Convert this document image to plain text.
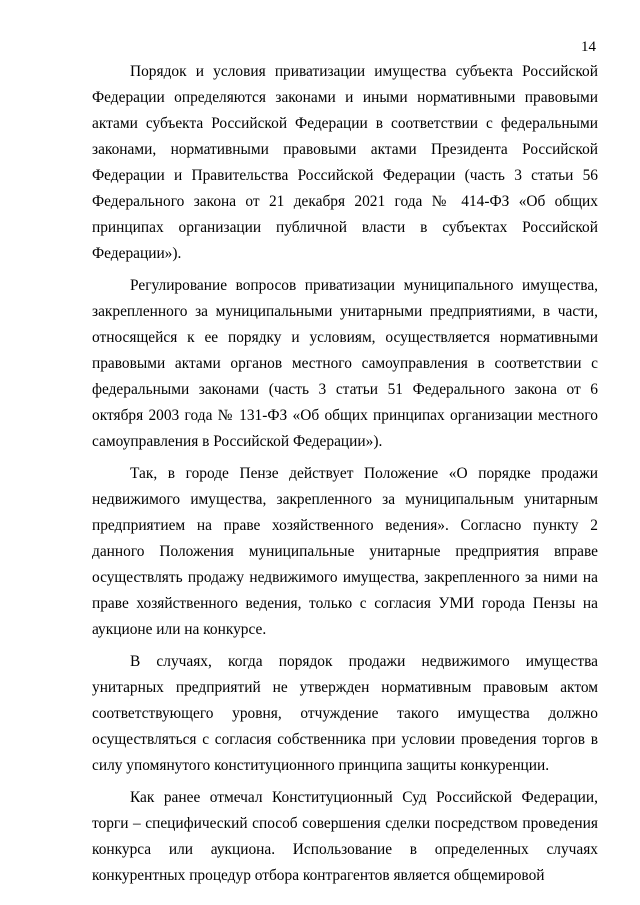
14

Порядок и условия приватизации имущества субъекта Российской Федерации определяются законами и иными нормативными правовыми актами субъекта Российской Федерации в соответствии с федеральными законами, нормативными правовыми актами Президента Российской Федерации и Правительства Российской Федерации (часть 3 статьи 56 Федерального закона от 21 декабря 2021 года № 414-ФЗ «Об общих принципах организации публичной власти в субъектах Российской Федерации»).

Регулирование вопросов приватизации муниципального имущества, закрепленного за муниципальными унитарными предприятиями, в части, относящейся к ее порядку и условиям, осуществляется нормативными правовыми актами органов местного самоуправления в соответствии с федеральными законами (часть 3 статьи 51 Федерального закона от 6 октября 2003 года № 131-ФЗ «Об общих принципах организации местного самоуправления в Российской Федерации»).

Так, в городе Пензе действует Положение «О порядке продажи недвижимого имущества, закрепленного за муниципальным унитарным предприятием на праве хозяйственного ведения». Согласно пункту 2 данного Положения муниципальные унитарные предприятия вправе осуществлять продажу недвижимого имущества, закрепленного за ними на праве хозяйственного ведения, только с согласия УМИ города Пензы на аукционе или на конкурсе.

В случаях, когда порядок продажи недвижимого имущества унитарных предприятий не утвержден нормативным правовым актом соответствующего уровня, отчуждение такого имущества должно осуществляться с согласия собственника при условии проведения торгов в силу упомянутого конституционного принципа защиты конкуренции.

Как ранее отмечал Конституционный Суд Российской Федерации, торги – специфический способ совершения сделки посредством проведения конкурса или аукциона. Использование в определенных случаях конкурентных процедур отбора контрагентов является общемировой
